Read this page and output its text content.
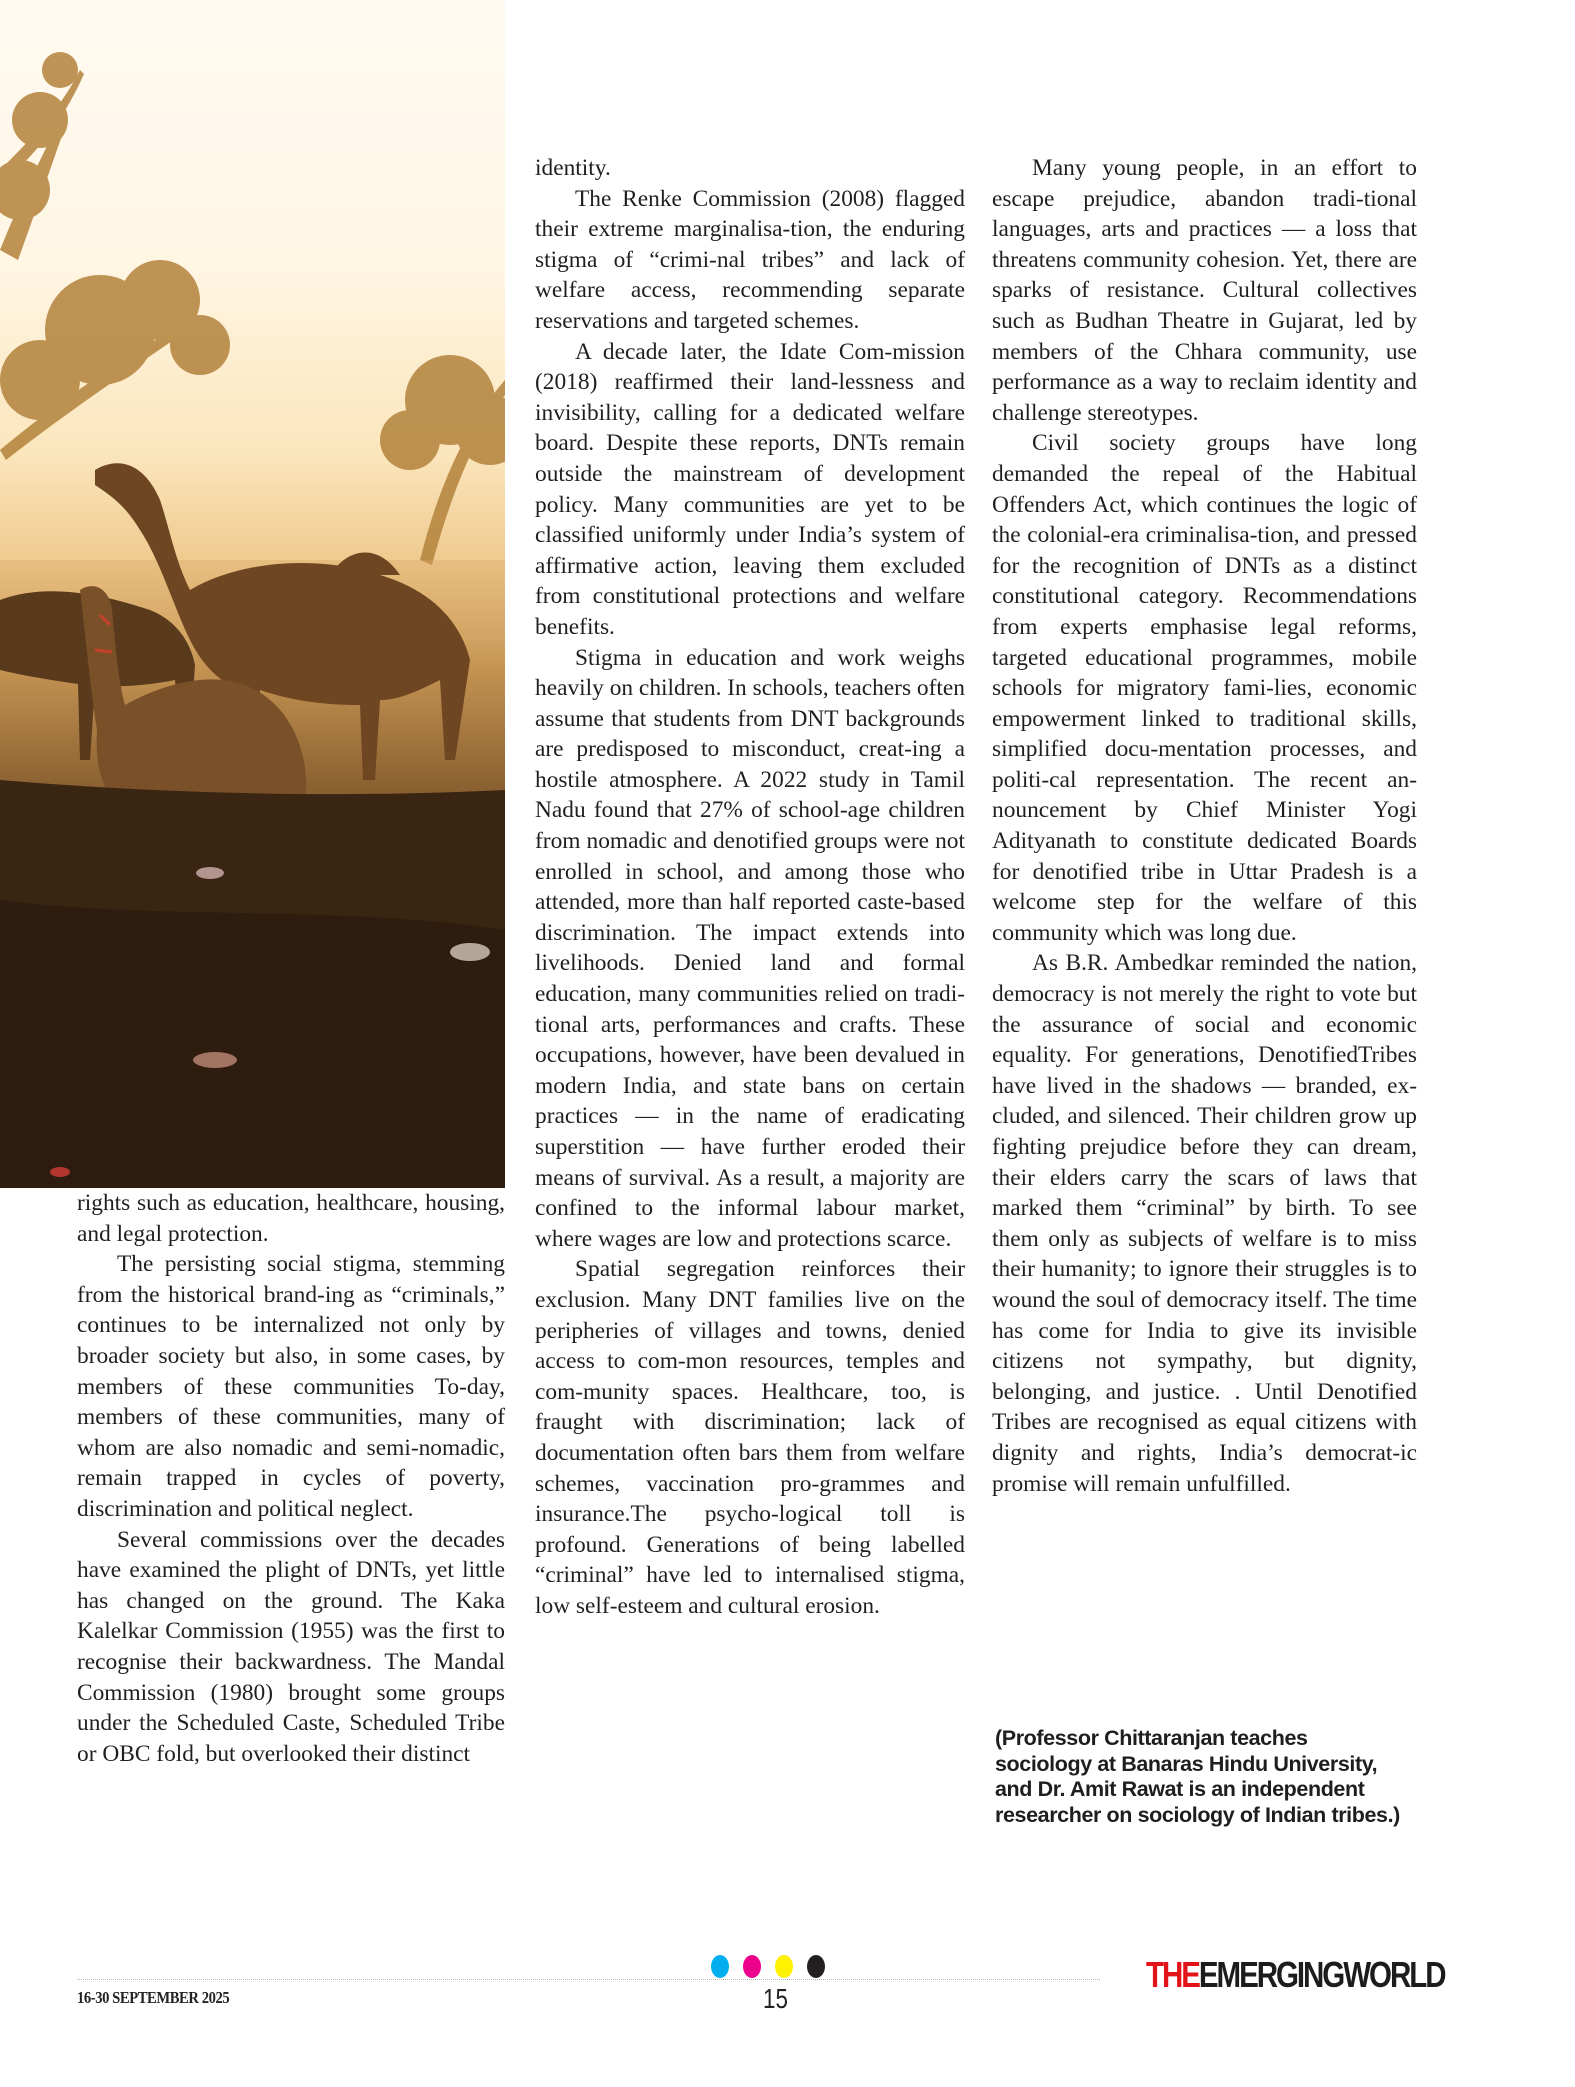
rights such as education, healthcare, housing, and legal protection.

The persisting social stigma, stemming from the historical brand-ing as “criminals,” continues to be internalized not only by broader society but also, in some cases, by members of these communities To-day, members of these communities, many of whom are also nomadic and semi-nomadic, remain trapped in cycles of poverty, discrimination and political neglect.

Several commissions over the decades have examined the plight of DNTs, yet little has changed on the ground. The Kaka Kalelkar Commission (1955) was the first to recognise their backwardness. The Mandal Commission (1980) brought some groups under the Scheduled Caste, Scheduled Tribe or OBC fold, but overlooked their distinct

identity.

The Renke Commission (2008) flagged their extreme marginalisa-tion, the enduring stigma of “crimi-nal tribes” and lack of welfare access, recommending separate reservations and targeted schemes.

A decade later, the Idate Com-mission (2018) reaffirmed their land-lessness and invisibility, calling for a dedicated welfare board. Despite these reports, DNTs remain outside the mainstream of development policy. Many communities are yet to be classified uniformly under India’s system of affirmative action, leaving them excluded from constitutional protections and welfare benefits.

Stigma in education and work weighs heavily on children. In schools, teachers often assume that students from DNT backgrounds are predisposed to misconduct, creat-ing a hostile atmosphere. A 2022 study in Tamil Nadu found that 27% of school-age children from nomadic and denotified groups were not enrolled in school, and among those who attended, more than half reported caste-based discrimination. The impact extends into livelihoods. Denied land and formal education, many communities relied on tradi-tional arts, performances and crafts. These occupations, however, have been devalued in modern India, and state bans on certain practices — in the name of eradicating superstition — have further eroded their means of survival. As a result, a majority are confined to the informal labour market, where wages are low and protections scarce.

Spatial segregation reinforces their exclusion. Many DNT families live on the peripheries of villages and towns, denied access to com-mon resources, temples and com-munity spaces. Healthcare, too, is fraught with discrimination; lack of documentation often bars them from welfare schemes, vaccination pro-grammes and insurance.The psycho-logical toll is profound. Generations of being labelled “criminal” have led to internalised stigma, low self-esteem and cultural erosion.

Many young people, in an effort to escape prejudice, abandon tradi-tional languages, arts and practices — a loss that threatens community cohesion. Yet, there are sparks of resistance. Cultural collectives such as Budhan Theatre in Gujarat, led by members of the Chhara community, use performance as a way to reclaim identity and challenge stereotypes.

Civil society groups have long demanded the repeal of the Habitual Offenders Act, which continues the logic of the colonial-era criminalisa-tion, and pressed for the recognition of DNTs as a distinct constitutional category. Recommendations from experts emphasise legal reforms, targeted educational programmes, mobile schools for migratory fami-lies, economic empowerment linked to traditional skills, simplified docu-mentation processes, and politi-cal representation. The recent an-nouncement by Chief Minister Yogi Adityanath to constitute dedicated Boards for denotified tribe in Uttar Pradesh is a welcome step for the welfare of this community which was long due.

As B.R. Ambedkar reminded the nation, democracy is not merely the right to vote but the assurance of social and economic equality. For generations, DenotifiedTribes have lived in the shadows — branded, ex-cluded, and silenced. Their children grow up fighting prejudice before they can dream, their elders carry the scars of laws that marked them “criminal” by birth. To see them only as subjects of welfare is to miss their humanity; to ignore their struggles is to wound the soul of democracy itself. The time has come for India to give its invisible citizens not sympathy, but dignity, belonging, and justice. . Until Denotified Tribes are recognised as equal citizens with dignity and rights, India’s democrat-ic promise will remain unfulfilled.

(Professor Chittaranjan teaches sociology at Banaras Hindu University, and Dr. Amit Rawat is an independent researcher on sociology of Indian tribes.)
16-30 SEPTEMBER 2025	15
THEEMERGINGWORLD
